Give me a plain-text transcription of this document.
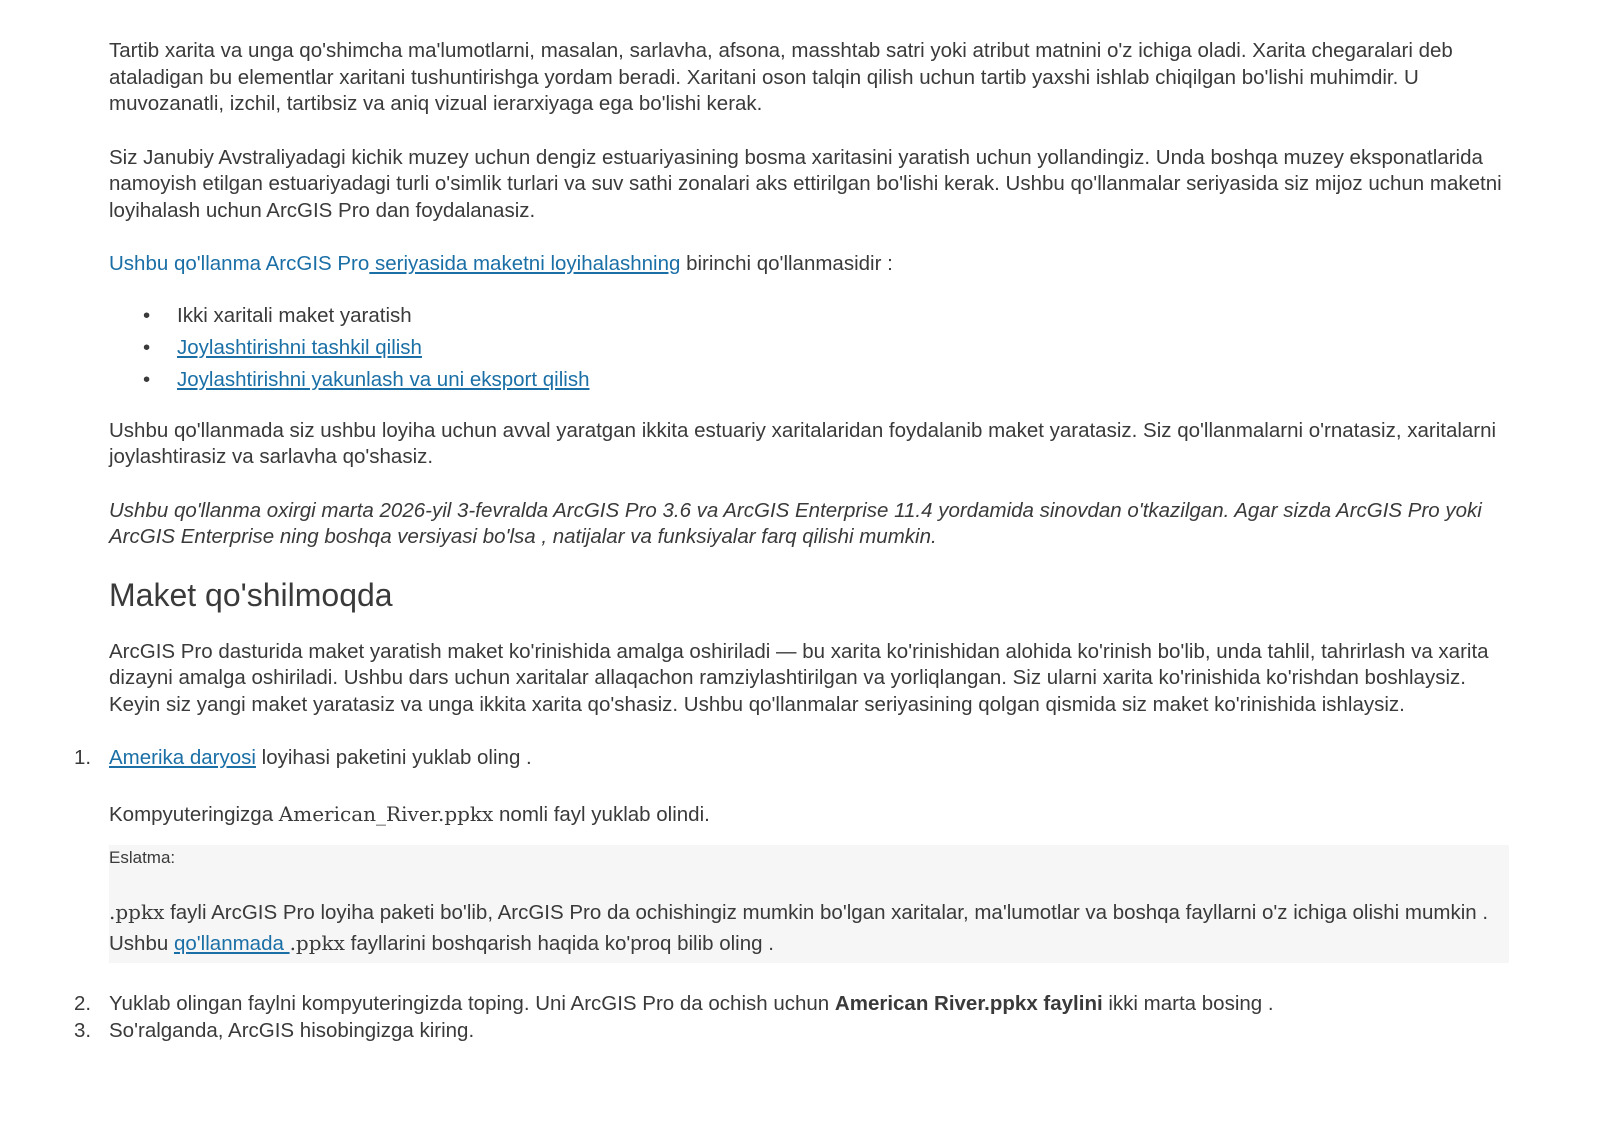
Tartib xarita va unga qo'shimcha ma'lumotlarni, masalan, sarlavha, afsona, masshtab satri yoki atribut matnini o'z ichiga oladi. Xarita chegaralari deb ataladigan bu elementlar xaritani tushuntirishga yordam beradi. Xaritani oson talqin qilish uchun tartib yaxshi ishlab chiqilgan bo'lishi muhimdir. U muvozanatli, izchil, tartibsiz va aniq vizual ierarxiyaga ega bo'lishi kerak.

Siz Janubiy Avstraliyadagi kichik muzey uchun dengiz estuariyasining bosma xaritasini yaratish uchun yollandingiz. Unda boshqa muzey eksponatlarida namoyish etilgan estuariyadagi turli o'simlik turlari va suv sathi zonalari aks ettirilgan bo'lishi kerak. Ushbu qo'llanmalar seriyasida siz mijoz uchun maketni loyihalash uchun ArcGIS Pro dan foydalanasiz.

Ushbu qo'llanma ArcGIS Pro seriyasida maketni loyihalashning birinchi qo'llanmasidir :

• Ikki xaritali maket yaratish
• Joylashtirishni tashkil qilish
• Joylashtirishni yakunlash va uni eksport qilish

Ushbu qo'llanmada siz ushbu loyiha uchun avval yaratgan ikkita estuariy xaritalaridan foydalanib maket yaratasiz. Siz qo'llanmalarni o'rnatasiz, xaritalarni joylashtirasiz va sarlavha qo'shasiz.

Ushbu qo'llanma oxirgi marta 2026-yil 3-fevralda ArcGIS Pro 3.6 va ArcGIS Enterprise 11.4 yordamida sinovdan o'tkazilgan. Agar sizda ArcGIS Pro yoki ArcGIS Enterprise ning boshqa versiyasi bo'lsa , natijalar va funksiyalar farq qilishi mumkin.

Maket qo'shilmoqda

ArcGIS Pro dasturida maket yaratish maket ko'rinishida amalga oshiriladi — bu xarita ko'rinishidan alohida ko'rinish bo'lib, unda tahlil, tahrirlash va xarita dizayni amalga oshiriladi. Ushbu dars uchun xaritalar allaqachon ramziylashtirilgan va yorliqlangan. Siz ularni xarita ko'rinishida ko'rishdan boshlaysiz. Keyin siz yangi maket yaratasiz va unga ikkita xarita qo'shasiz. Ushbu qo'llanmalar seriyasining qolgan qismida siz maket ko'rinishida ishlaysiz.

1. Amerika daryosi loyihasi paketini yuklab oling .
Kompyuteringizga American_River.ppkx nomli fayl yuklab olindi.
Eslatma:
.ppkx fayli ArcGIS Pro loyiha paketi bo'lib, ArcGIS Pro da ochishingiz mumkin bo'lgan xaritalar, ma'lumotlar va boshqa fayllarni o'z ichiga olishi mumkin . Ushbu qo'llanmada .ppkx fayllarini boshqarish haqida ko'proq bilib oling .
2. Yuklab olingan faylni kompyuteringizda toping. Uni ArcGIS Pro da ochish uchun American River.ppkx faylini ikki marta bosing .
3. So'ralganda, ArcGIS hisobingizga kiring.
